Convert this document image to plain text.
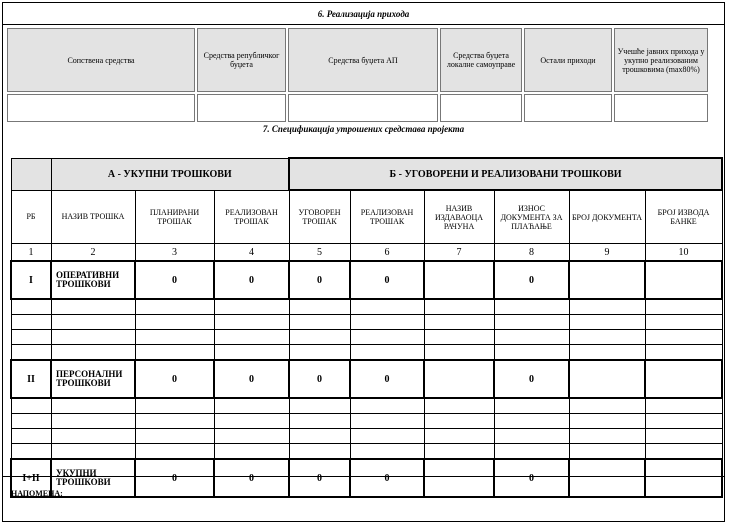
6. Реализација прихода
Сопствена средства	Средства републичког буџета	Средства буџета АП	Средства буџета локалне самоуправе	Остали приходи	Учешће јавних прихода у укупно реализованим трошковима (max80%)

7. Спецификација утрошених средстава пројекта
	А - УКУПНИ ТРОШКОВИ			Б - УГОВОРЕНИ И РЕАЛИЗОВАНИ ТРОШКОВИ					
РБ	НАЗИВ ТРОШКА	ПЛАНИРАНИ ТРОШАК	РЕАЛИЗОВАН ТРОШАК	УГОВОРЕН ТРОШАК	РЕАЛИЗОВАН ТРОШАК	НАЗИВ ИЗДАВАОЦА РАЧУНА	ИЗНОС ДОКУМЕНТА ЗА ПЛАЋАЊЕ	БРОЈ ДОКУМЕНТА	БРОЈ ИЗВОДА БАНКЕ
1	2	3	4	5	6	7	8	9	10
I	ОПЕРАТИВНИ ТРОШКОВИ	0	0	0	0		0		

II	ПЕРСОНАЛНИ ТРОШКОВИ	0	0	0	0		0		

I+II	УКУПНИ ТРОШКОВИ	0	0	0	0		0		
НАПОМЕНА:
